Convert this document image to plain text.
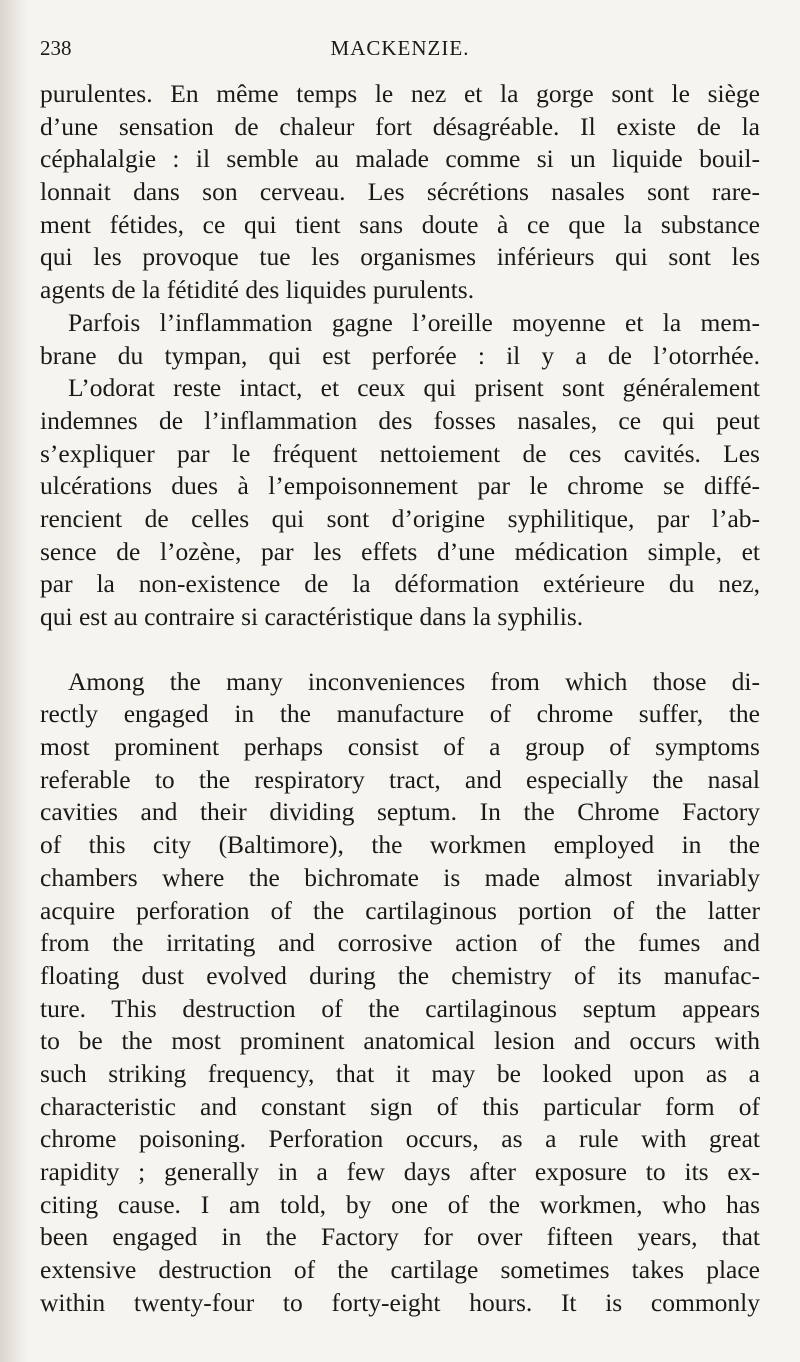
238	MACKENZIE.
purulentes. En même temps le nez et la gorge sont le siège
d’une sensation de chaleur fort désagréable. Il existe de la
céphalalgie : il semble au malade comme si un liquide bouil-
lonnait dans son cerveau. Les sécrétions nasales sont rare-
ment fétides, ce qui tient sans doute à ce que la substance
qui les provoque tue les organismes inférieurs qui sont les
agents de la fétidité des liquides purulents.
Parfois l’inflammation gagne l’oreille moyenne et la mem-
brane du tympan, qui est perforée : il y a de l’otorrhée.
L’odorat reste intact, et ceux qui prisent sont généralement
indemnes de l’inflammation des fosses nasales, ce qui peut
s’expliquer par le fréquent nettoiement de ces cavités. Les
ulcérations dues à l’empoisonnement par le chrome se diffé-
rencient de celles qui sont d’origine syphilitique, par l’ab-
sence de l’ozène, par les effets d’une médication simple, et
par la non-existence de la déformation extérieure du nez,
qui est au contraire si caractéristique dans la syphilis.
Among the many inconveniences from which those di-
rectly engaged in the manufacture of chrome suffer, the
most prominent perhaps consist of a group of symptoms
referable to the respiratory tract, and especially the nasal
cavities and their dividing septum. In the Chrome Factory
of this city (Baltimore), the workmen employed in the
chambers where the bichromate is made almost invariably
acquire perforation of the cartilaginous portion of the latter
from the irritating and corrosive action of the fumes and
floating dust evolved during the chemistry of its manufac-
ture. This destruction of the cartilaginous septum appears
to be the most prominent anatomical lesion and occurs with
such striking frequency, that it may be looked upon as a
characteristic and constant sign of this particular form of
chrome poisoning. Perforation occurs, as a rule with great
rapidity ; generally in a few days after exposure to its ex-
citing cause. I am told, by one of the workmen, who has
been engaged in the Factory for over fifteen years, that
extensive destruction of the cartilage sometimes takes place
within twenty-four to forty-eight hours. It is commonly
